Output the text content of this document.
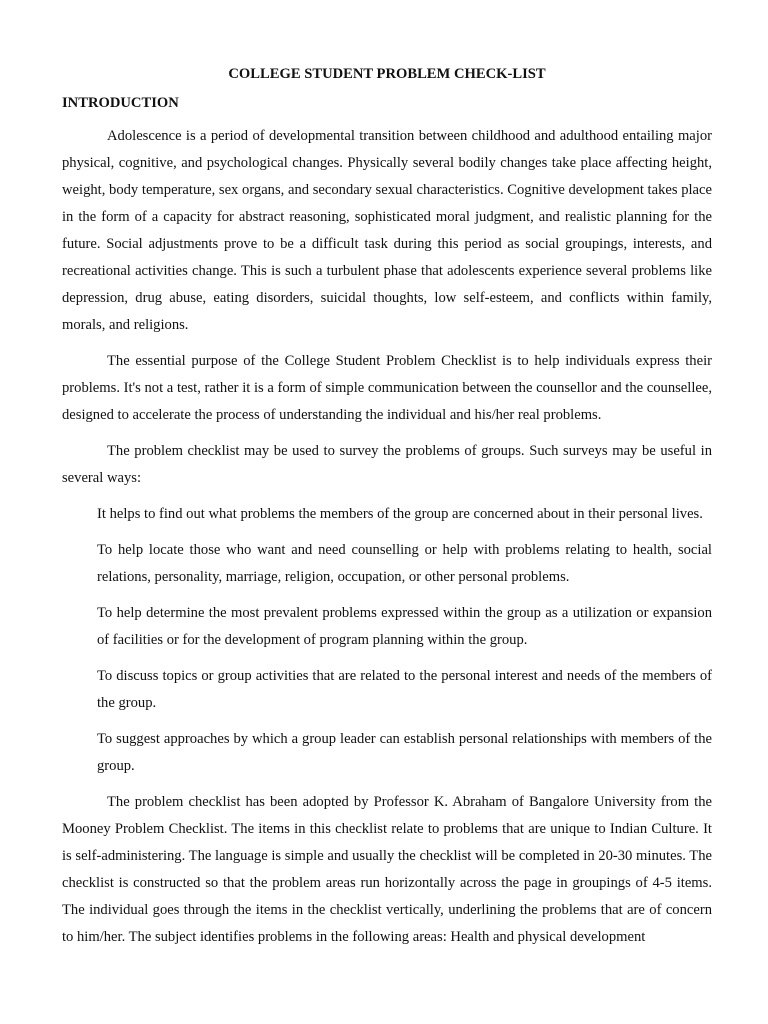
COLLEGE STUDENT PROBLEM CHECK-LIST
INTRODUCTION

Adolescence is a period of developmental transition between childhood and adulthood entailing major physical, cognitive, and psychological changes. Physically several bodily changes take place affecting height, weight, body temperature, sex organs, and secondary sexual characteristics. Cognitive development takes place in the form of a capacity for abstract reasoning, sophisticated moral judgment, and realistic planning for the future. Social adjustments prove to be a difficult task during this period as social groupings, interests, and recreational activities change. This is such a turbulent phase that adolescents experience several problems like depression, drug abuse, eating disorders, suicidal thoughts, low self-esteem, and conflicts within family, morals, and religions.

The essential purpose of the College Student Problem Checklist is to help individuals express their problems. It's not a test, rather it is a form of simple communication between the counsellor and the counsellee, designed to accelerate the process of understanding the individual and his/her real problems.

The problem checklist may be used to survey the problems of groups. Such surveys may be useful in several ways:

It helps to find out what problems the members of the group are concerned about in their personal lives.
To help locate those who want and need counselling or help with problems relating to health, social relations, personality, marriage, religion, occupation, or other personal problems.
To help determine the most prevalent problems expressed within the group as a utilization or expansion of facilities or for the development of program planning within the group.
To discuss topics or group activities that are related to the personal interest and needs of the members of the group.
To suggest approaches by which a group leader can establish personal relationships with members of the group.

The problem checklist has been adopted by Professor K. Abraham of Bangalore University from the Mooney Problem Checklist. The items in this checklist relate to problems that are unique to Indian Culture. It is self-administering. The language is simple and usually the checklist will be completed in 20-30 minutes. The checklist is constructed so that the problem areas run horizontally across the page in groupings of 4-5 items. The individual goes through the items in the checklist vertically, underlining the problems that are of concern to him/her. The subject identifies problems in the following areas: Health and physical development
